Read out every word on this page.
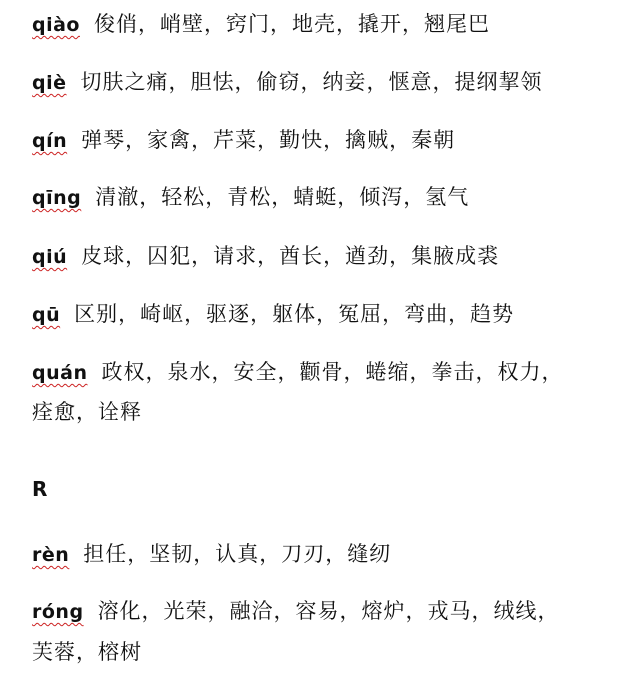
qiào 俊俏，峭壁，窍门，地壳，撬开，翘尾巴
qiè 切肤之痛，胆怯，偷窃，纳妾，惬意，提纲挈领
qín 弹琴，家禽，芹菜，勤快，擒贼，秦朝
qīng 清澈，轻松，青松，蜻蜓，倾泻，氢气
qiú 皮球，囚犯，请求，酋长，遒劲，集腋成裘
qū 区别，崎岖，驱逐，躯体，冤屈，弯曲，趋势
quán 政权，泉水，安全，颧骨，蜷缩，拳击，权力，
痊愈，诠释
R
rèn 担任，坚韧，认真，刀刃，缝纫
róng 溶化，光荣，融洽，容易，熔炉，戎马，绒线，
芙蓉，榕树
